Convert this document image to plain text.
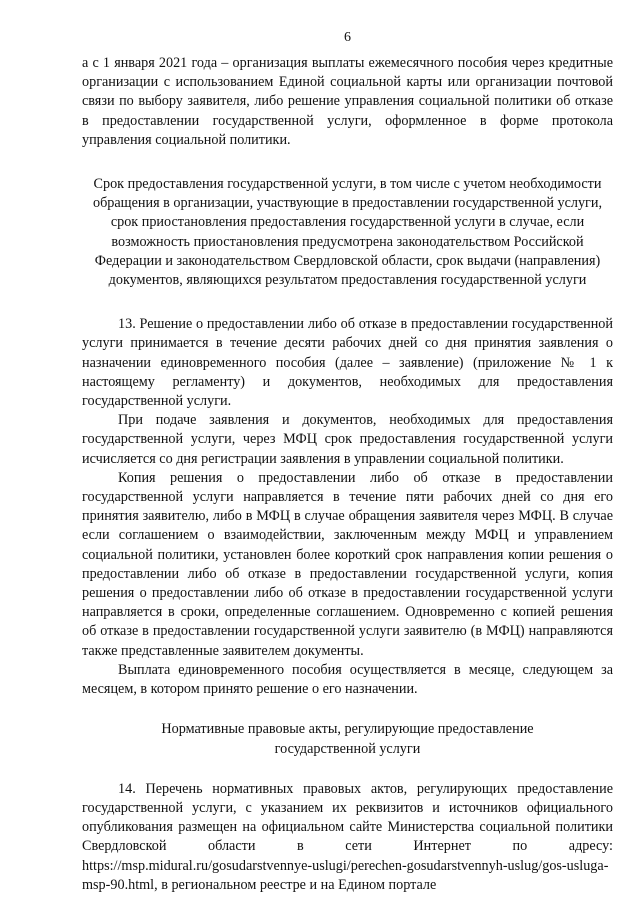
6

а с 1 января 2021 года – организация выплаты ежемесячного пособия через кредитные организации с использованием Единой социальной карты или организации почтовой связи по выбору заявителя, либо решение управления социальной политики об отказе в предоставлении государственной услуги, оформленное в форме протокола управления социальной политики.

Срок предоставления государственной услуги, в том числе с учетом необходимости обращения в организации, участвующие в предоставлении государственной услуги, срок приостановления предоставления государственной услуги в случае, если возможность приостановления предусмотрена законодательством Российской Федерации и законодательством Свердловской области, срок выдачи (направления) документов, являющихся результатом предоставления государственной услуги

13. Решение о предоставлении либо об отказе в предоставлении государственной услуги принимается в течение десяти рабочих дней со дня принятия заявления о назначении единовременного пособия (далее – заявление) (приложение № 1 к настоящему регламенту) и документов, необходимых для предоставления государственной услуги.

При подаче заявления и документов, необходимых для предоставления государственной услуги, через МФЦ срок предоставления государственной услуги исчисляется со дня регистрации заявления в управлении социальной политики.

Копия решения о предоставлении либо об отказе в предоставлении государственной услуги направляется в течение пяти рабочих дней со дня его принятия заявителю, либо в МФЦ в случае обращения заявителя через МФЦ. В случае если соглашением о взаимодействии, заключенным между МФЦ и управлением социальной политики, установлен более короткий срок направления копии решения о предоставлении либо об отказе в предоставлении государственной услуги, копия решения о предоставлении либо об отказе в предоставлении государственной услуги направляется в сроки, определенные соглашением. Одновременно с копией решения об отказе в предоставлении государственной услуги заявителю (в МФЦ) направляются также представленные заявителем документы.

Выплата единовременного пособия осуществляется в месяце, следующем за месяцем, в котором принято решение о его назначении.

Нормативные правовые акты, регулирующие предоставление государственной услуги

14. Перечень нормативных правовых актов, регулирующих предоставление государственной услуги, с указанием их реквизитов и источников официального опубликования размещен на официальном сайте Министерства социальной политики Свердловской области в сети Интернет по адресу: https://msp.midural.ru/gosudarstvennye-uslugi/perechen-gosudarstvennyh-uslug/gos-usluga-msp-90.html, в региональном реестре и на Едином портале
